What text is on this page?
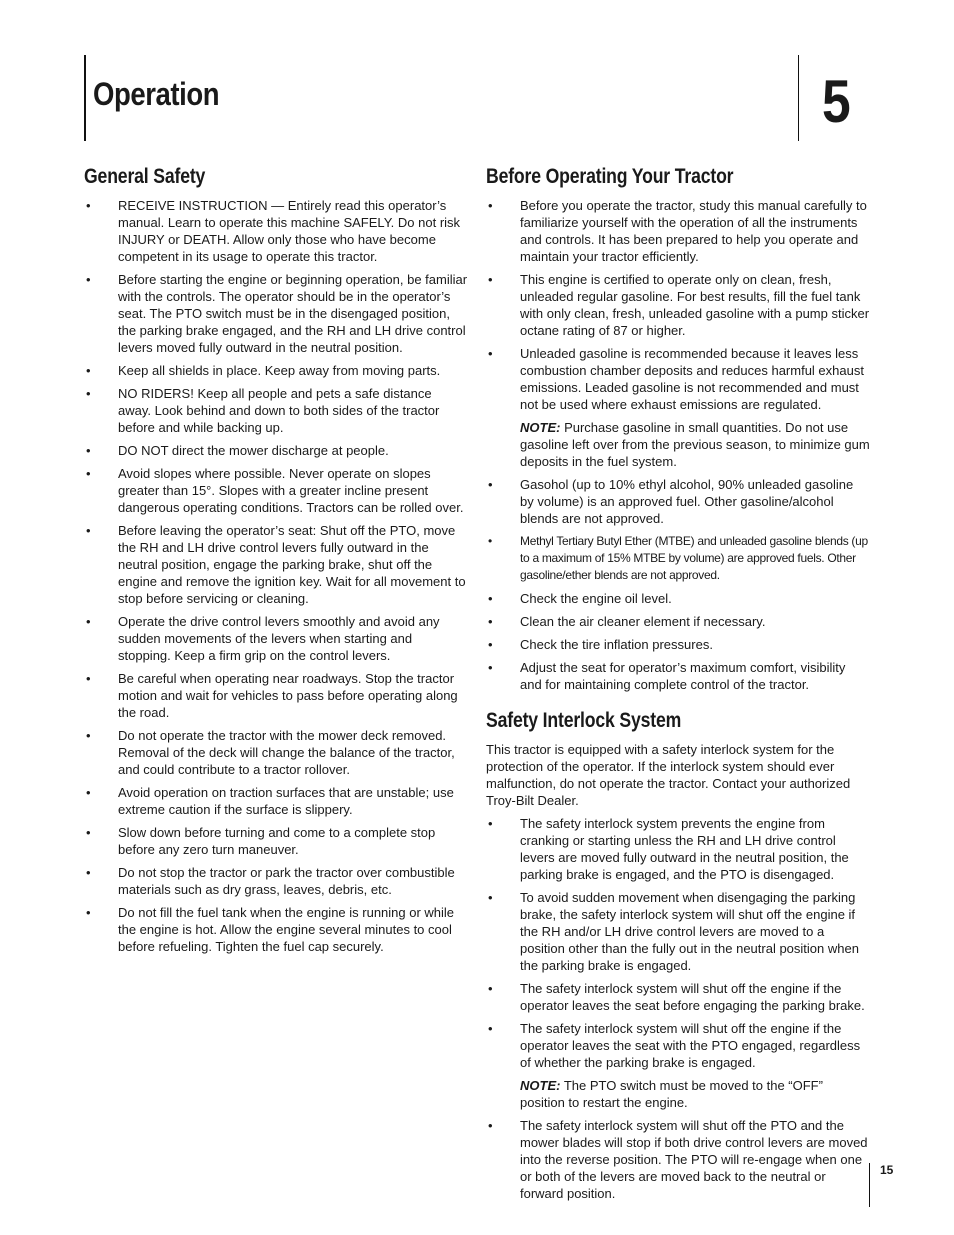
Operation	5
General Safety
• RECEIVE INSTRUCTION — Entirely read this operator’s manual. Learn to operate this machine SAFELY. Do not risk INJURY or DEATH. Allow only those who have become competent in its usage to operate this tractor.
• Before starting the engine or beginning operation, be familiar with the controls. The operator should be in the operator’s seat. The PTO switch must be in the disengaged position, the parking brake engaged, and the RH and LH drive control levers moved fully outward in the neutral position.
• Keep all shields in place. Keep away from moving parts.
• NO RIDERS! Keep all people and pets a safe distance away. Look behind and down to both sides of the tractor before and while backing up.
• DO NOT direct the mower discharge at people.
• Avoid slopes where possible. Never operate on slopes greater than 15°. Slopes with a greater incline present dangerous operating conditions. Tractors can be rolled over.
• Before leaving the operator’s seat: Shut off the PTO, move the RH and LH drive control levers fully outward in the neutral position, engage the parking brake, shut off the engine and remove the ignition key. Wait for all movement to stop before servicing or cleaning.
• Operate the drive control levers smoothly and avoid any sudden movements of the levers when starting and stopping. Keep a firm grip on the control levers.
• Be careful when operating near roadways. Stop the tractor motion and wait for vehicles to pass before operating along the road.
• Do not operate the tractor with the mower deck removed. Removal of the deck will change the balance of the tractor, and could contribute to a tractor rollover.
• Avoid operation on traction surfaces that are unstable; use extreme caution if the surface is slippery.
• Slow down before turning and come to a complete stop before any zero turn maneuver.
• Do not stop the tractor or park the tractor over combustible materials such as dry grass, leaves, debris, etc.
• Do not fill the fuel tank when the engine is running or while the engine is hot. Allow the engine several minutes to cool before refueling. Tighten the fuel cap securely.
Before Operating Your Tractor
• Before you operate the tractor, study this manual carefully to familiarize yourself with the operation of all the instruments and controls. It has been prepared to help you operate and maintain your tractor efficiently.
• This engine is certified to operate only on clean, fresh, unleaded regular gasoline. For best results, fill the fuel tank with only clean, fresh, unleaded gasoline with a pump sticker octane rating of 87 or higher.
• Unleaded gasoline is recommended because it leaves less combustion chamber deposits and reduces harmful exhaust emissions. Leaded gasoline is not recommended and must not be used where exhaust emissions are regulated.
NOTE: Purchase gasoline in small quantities. Do not use gasoline left over from the previous season, to minimize gum deposits in the fuel system.
• Gasohol (up to 10% ethyl alcohol, 90% unleaded gasoline by volume) is an approved fuel. Other gasoline/alcohol blends are not approved.
• Methyl Tertiary Butyl Ether (MTBE) and unleaded gasoline blends (up to a maximum of 15% MTBE by volume) are approved fuels. Other gasoline/ether blends are not approved.
• Check the engine oil level.
• Clean the air cleaner element if necessary.
• Check the tire inflation pressures.
• Adjust the seat for operator’s maximum comfort, visibility and for maintaining complete control of the tractor.
Safety Interlock System

This tractor is equipped with a safety interlock system for the protection of the operator. If the interlock system should ever malfunction, do not operate the tractor. Contact your authorized Troy-Bilt Dealer.

• The safety interlock system prevents the engine from cranking or starting unless the RH and LH drive control levers are moved fully outward in the neutral position, the parking brake is engaged, and the PTO is disengaged.
• To avoid sudden movement when disengaging the parking brake, the safety interlock system will shut off the engine if the RH and/or LH drive control levers are moved to a position other than the fully out in the neutral position when the parking brake is engaged.
• The safety interlock system will shut off the engine if the operator leaves the seat before engaging the parking brake.
• The safety interlock system will shut off the engine if the operator leaves the seat with the PTO engaged, regardless of whether the parking brake is engaged.
NOTE: The PTO switch must be moved to the “OFF” position to restart the engine.
• The safety interlock system will shut off the PTO and the mower blades will stop if both drive control levers are moved into the reverse position. The PTO will re-engage when one or both of the levers are moved back to the neutral or forward position.
15
